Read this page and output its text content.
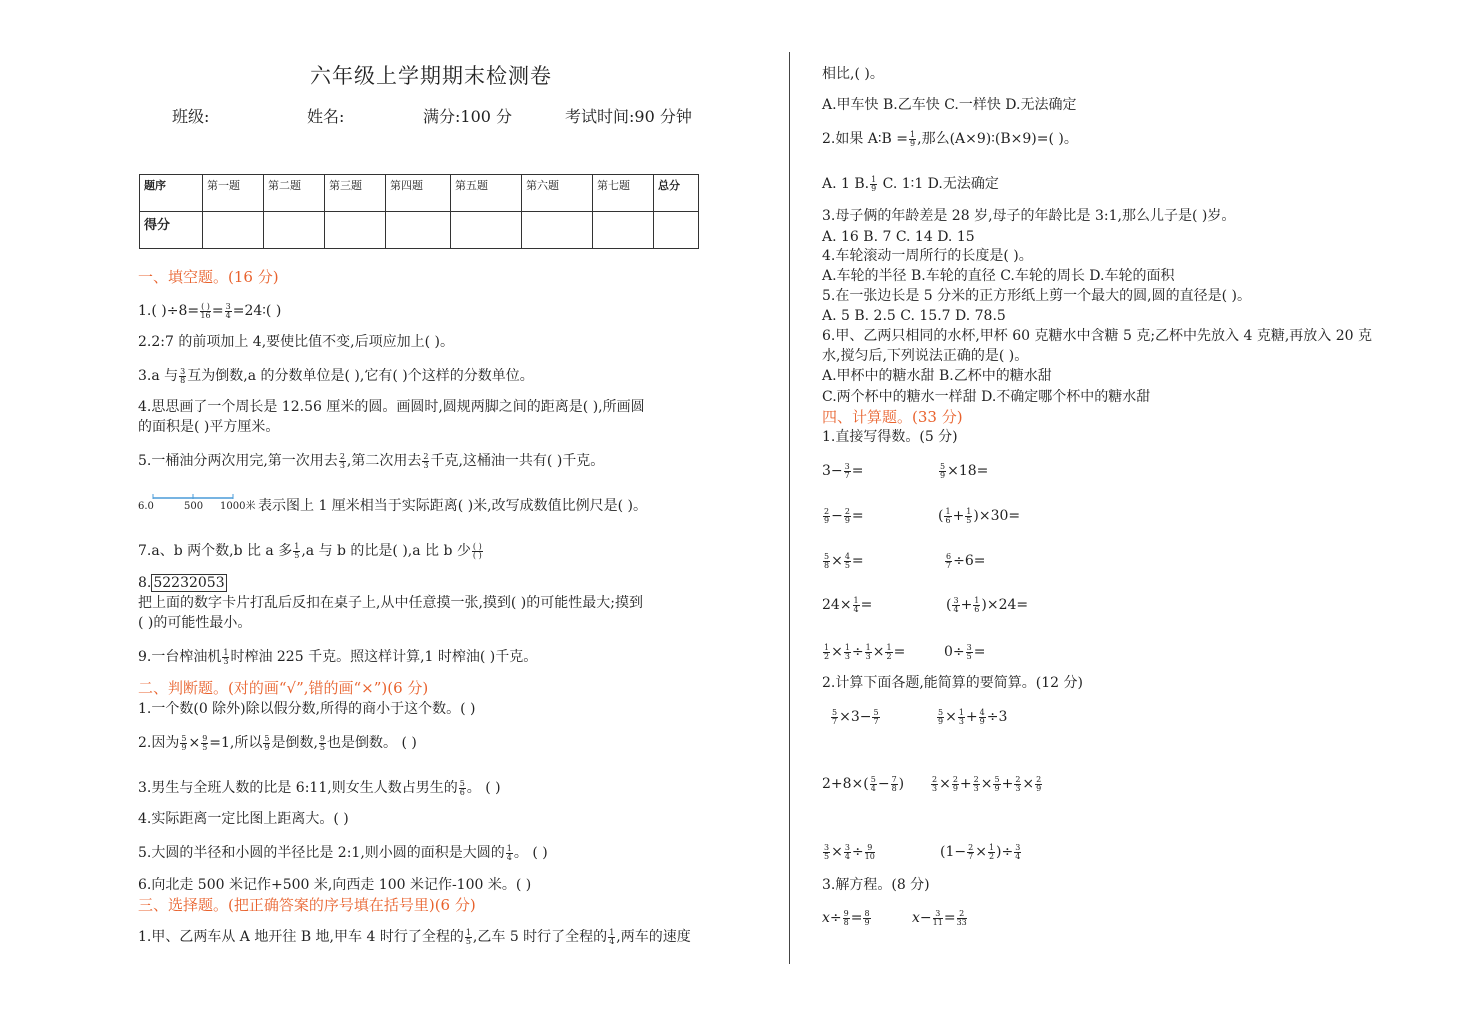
六年级上学期期末检测卷
班级:	姓名:	满分:100 分	考试时间:90 分钟
题序	第一题	第二题	第三题	第四题	第五题	第六题	第七题	总分
得分								
一、填空题。(16 分)
1.( )$\div 8= \frac{( )}{16} = \frac{3}{4}$ =24∶( )
2.2:7 的前项加上 4,要使比值不变,后项应加上( )。
3.a 与 $\frac{3}{8}$ 互为倒数,a 的分数单位是( ),它有( )个这样的分数单位。
4.思思画了一个周长是 12.56 厘米的圆。画圆时,圆规两脚之间的距离是( ),所画圆
的面积是( )平方厘米。
5.一桶油分两次用完,第一次用去 $\frac{2}{3}$ ,第二次用去 $\frac{2}{3}$ 千克,这桶油一共有( )千克。
6.0	500 1000米 表示图上 1 厘米相当于实际距离( )米,改写成数值比例尺是( )。
7.a、b 两个数,b 比 a 多 $\frac{1}{5} ,a$ 与 b 的比是( ),a 比 b 少 $\frac{( )}{( )}$
8. 52232053
把上面的数字卡片打乱后反扣在桌子上,从中任意摸一张,摸到( )的可能性最大;摸到
( )的可能性最小。
9.一台榨油机 $\frac{1}{3}$ 时榨油 225 千克。照这样计算,1 时榨油( )千克。
二、判断题。(对的画“√”,错的画“×”)(6 分)
1.一个数(0 除外)除以假分数,所得的商小于这个数。( )
2.因为 $\frac{5}{9} \times \frac{9}{5} =1$,所以 $\frac{5}{9}$ 是倒数, $\frac{9}{5}$ 也是倒数。 ( )
3.男生与全班人数的比是 6:11,则女生人数占男生的 $\frac{5}{6}$ 。 ( )
4.实际距离一定比图上距离大。( )
5.大圆的半径和小圆的半径比是 2:1,则小圆的面积是大圆的 $\frac{1}{4}$ 。 ( )
6.向北走 500 米记作+500 米,向西走 100 米记作-100 米。( )
三、选择题。(把正确答案的序号填在括号里)(6 分)
1.甲、乙两车从 A 地开往 B 地,甲车 4 时行了全程的 $\frac{1}{5}$ ,乙车 5 时行了全程的 $\frac{1}{4}$ ,两车的速度
相比,( )。
A.甲车快 B.乙车快 C.一样快 D.无法确定
2.如果 A∶B = $\frac{1}{9}$ ,那么(A×9)∶(B×9)=( )。
A. 1 B. $\frac{1}{9} C$. 1∶1 D.无法确定
3.母子俩的年龄差是 28 岁,母子的年龄比是 3:1,那么儿子是( )岁。
A. 16 B. 7 C. 14 D. 15
4.车轮滚动一周所行的长度是( )。
A.车轮的半径 B.车轮的直径 C.车轮的周长 D.车轮的面积
5.在一张边长是 5 分米的正方形纸上剪一个最大的圆,圆的直径是( )。
A. 5 B. 2.5 C. 15.7 D. 78.5
6.甲、乙两只相同的水杯,甲杯 60 克糖水中含糖 5 克;乙杯中先放入 4 克糖,再放入 20 克
水,搅匀后,下列说法正确的是( )。
A.甲杯中的糖水甜 B.乙杯中的糖水甜
C.两个杯中的糖水一样甜 D.不确定哪个杯中的糖水甜
四、计算题。(33 分)
1.直接写得数。(5 分)
$3- \frac{3}{7}$ =	$\frac{5}{9} \times 18=$
$\frac{2}{9} - \frac{2}{9}$ =	( $\frac{1}{6} + \frac{1}{5} )\times 30=$
$\frac{5}{8} \times \frac{4}{5}$ =	$\frac{6}{7} \div 6=$
$24\times \frac{1}{4}$ =	( $\frac{3}{4} + \frac{1}{6} )\times 24=$
$\frac{1}{2} \times \frac{1}{3} \div \frac{1}{3} \times \frac{1}{2}$ =	$0\div \frac{3}{5}$ =
2.计算下面各题,能简算的要简算。(12 分)
$\frac{5}{7} \times 3- \frac{5}{7}$	$\frac{5}{9} \times \frac{1}{3} + \frac{4}{9} \div 3$
$2+8\times( \frac{5}{4} - \frac{7}{8}$ )	$\frac{2}{3} \times \frac{2}{9} + \frac{2}{3} \times \frac{5}{9} + \frac{2}{3} \times \frac{2}{9}$
$\frac{3}{5} \times \frac{3}{4} \div \frac{9}{10}$	($1- \frac{2}{7} \times \frac{1}{2}$ )÷ $\frac{3}{4}$
3.解方程。(8 分)
$x\div \frac{9}{8} = \frac{8}{9}$	$x- \frac{3}{11} = \frac{2}{33}$
